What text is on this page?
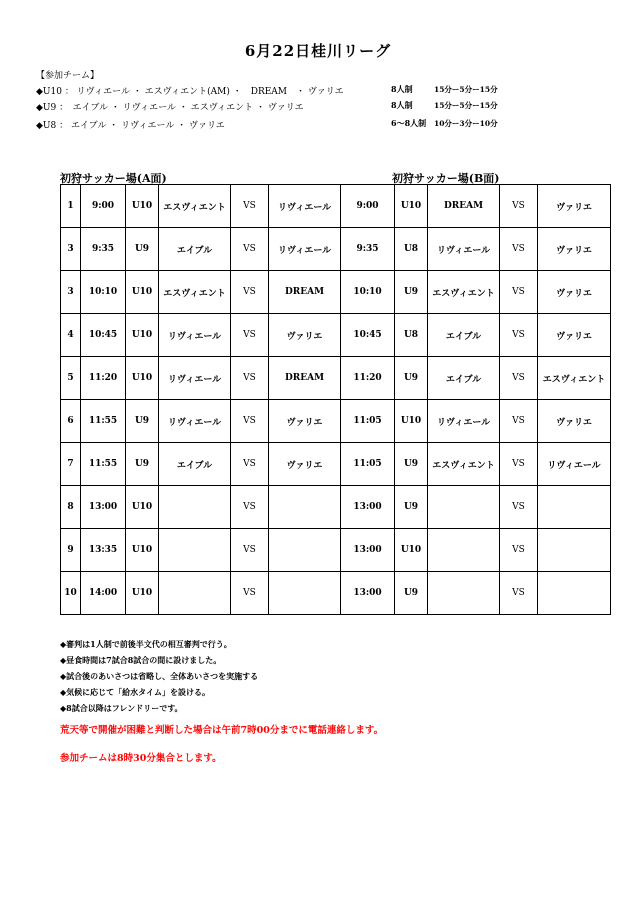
6月22日桂川リーグ
【参加チーム】
◆U10 ： リヴィエール ・ エスヴィエント(AM) ・　DREAM　・ ヴァリエ	8人制	15分ー5分ー15分
◆U9 ：　エイブル ・ リヴィエール ・ エスヴィエント ・ ヴァリエ	8人制	15分ー5分ー15分
◆U8 ： エイブル ・ リヴィエール ・ ヴァリエ	6～8人制 10分ー3分ー10分
初狩サッカー場(A面)	初狩サッカー場(B面)
1	9:00	U10	エスヴィエント	VS	リヴィエール	9:00	U10	DREAM	VS	ヴァリエ
3	9:35	U9	エイブル	VS	リヴィエール	9:35	U8	リヴィエール	VS	ヴァリエ
3	10:10	U10	エスヴィエント	VS	DREAM	10:10	U9	エスヴィエント	VS	ヴァリエ
4	10:45	U10	リヴィエール	VS	ヴァリエ	10:45	U8	エイブル	VS	ヴァリエ
5	11:20	U10	リヴィエール	VS	DREAM	11:20	U9	エイブル	VS	エスヴィエント
6	11:55	U9	リヴィエール	VS	ヴァリエ	11:05	U10	リヴィエール	VS	ヴァリエ
7	11:55	U9	エイブル	VS	ヴァリエ	11:05	U9	エスヴィエント	VS	リヴィエール
8	13:00	U10		VS		13:00	U9		VS	
9	13:35	U10		VS		13:00	U10		VS	
10	14:00	U10		VS		13:00	U9		VS	
◆審判は1人制で前後半文代の相互審判で行う。
◆昼食時間は7試合8試合の間に設けました。
◆試合後のあいさつは省略し、全体あいさつを実施する
◆気候に応じて「給水タイム」を設ける。
◆8試合以降はフレンドリーです。
荒天等で開催が困難と判断した場合は午前7時00分までに電話連絡します。
参加チームは8時30分集合とします。
